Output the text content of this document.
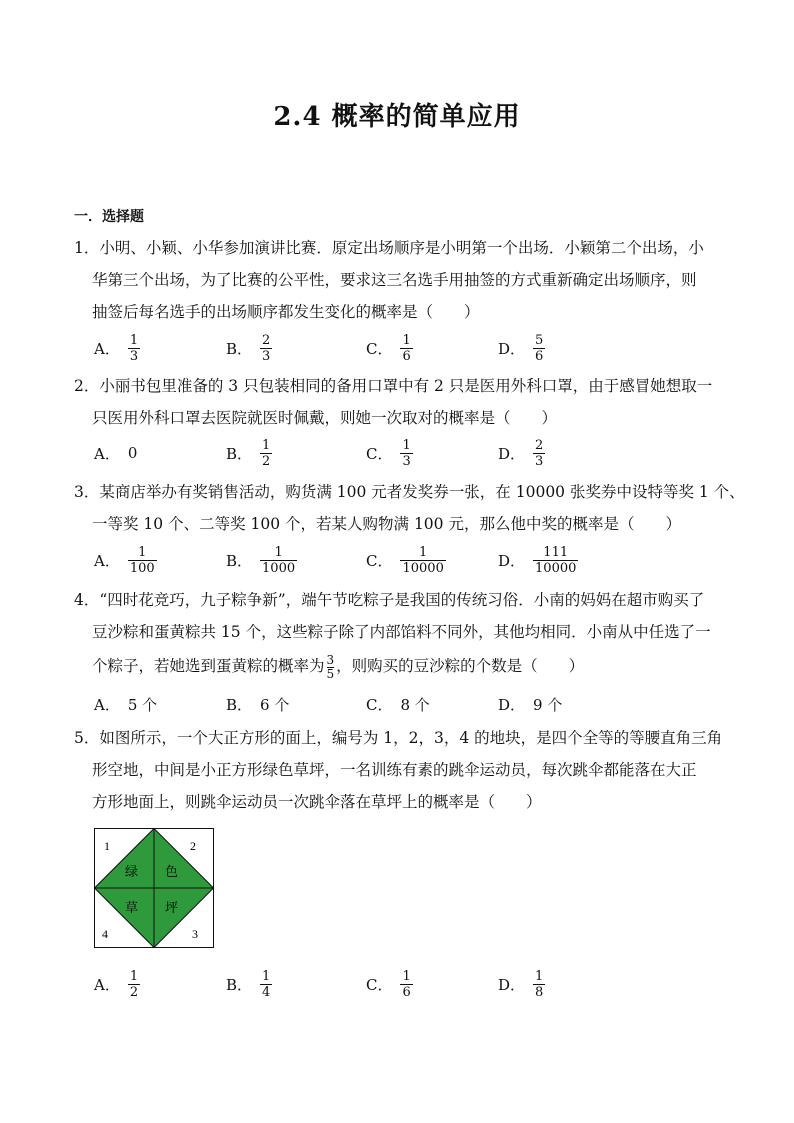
2.4 概率的简单应用
一．选择题
1．小明、小颖、小华参加演讲比赛．原定出场顺序是小明第一个出场．小颖第二个出场，小
华第三个出场，为了比赛的公平性，要求这三名选手用抽签的方式重新确定出场顺序，则
抽签后每名选手的出场顺序都发生变化的概率是（　　）
A． $\frac{1}{3}$	B． $\frac{2}{3}$	C． $\frac{1}{6}$	D． $\frac{5}{6}$
2．小丽书包里准备的 3 只包装相同的备用口罩中有 2 只是医用外科口罩，由于感冒她想取一
只医用外科口罩去医院就医时佩戴，则她一次取对的概率是（　　）
A． 0	B． $\frac{1}{2}$	C． $\frac{1}{3}$	D． $\frac{2}{3}$
3．某商店举办有奖销售活动，购货满 100 元者发奖券一张，在 10000 张奖券中设特等奖 1 个、
一等奖 10 个、二等奖 100 个，若某人购物满 100 元，那么他中奖的概率是（　　）
A． $\frac{1}{100}$	B． $\frac{1}{1000}$	C． $\frac{1}{10000}$	D． $\frac{111}{10000}$
4．“四时花竞巧，九子粽争新”，端午节吃粽子是我国的传统习俗．小南的妈妈在超市购买了
豆沙粽和蛋黄粽共 15 个，这些粽子除了内部馅料不同外，其他均相同．小南从中任选了一
个粽子，若她选到蛋黄粽的概率为 $\frac{3}{5}$ ，则购买的豆沙粽的个数是（　　）
A． 5 个	B． 6 个	C． 8 个	D． 9 个
5．如图所示，一个大正方形的面上，编号为 1，2，3，4 的地块，是四个全等的等腰直角三角
形空地，中间是小正方形绿色草坪，一名训练有素的跳伞运动员，每次跳伞都能落在大正
方形地面上，则跳伞运动员一次跳伞落在草坪上的概率是（　　）
1	2
3
4
绿 色
草 坪
A． $\frac{1}{2}$	B． $\frac{1}{4}$	C． $\frac{1}{6}$	D． $\frac{1}{8}$
